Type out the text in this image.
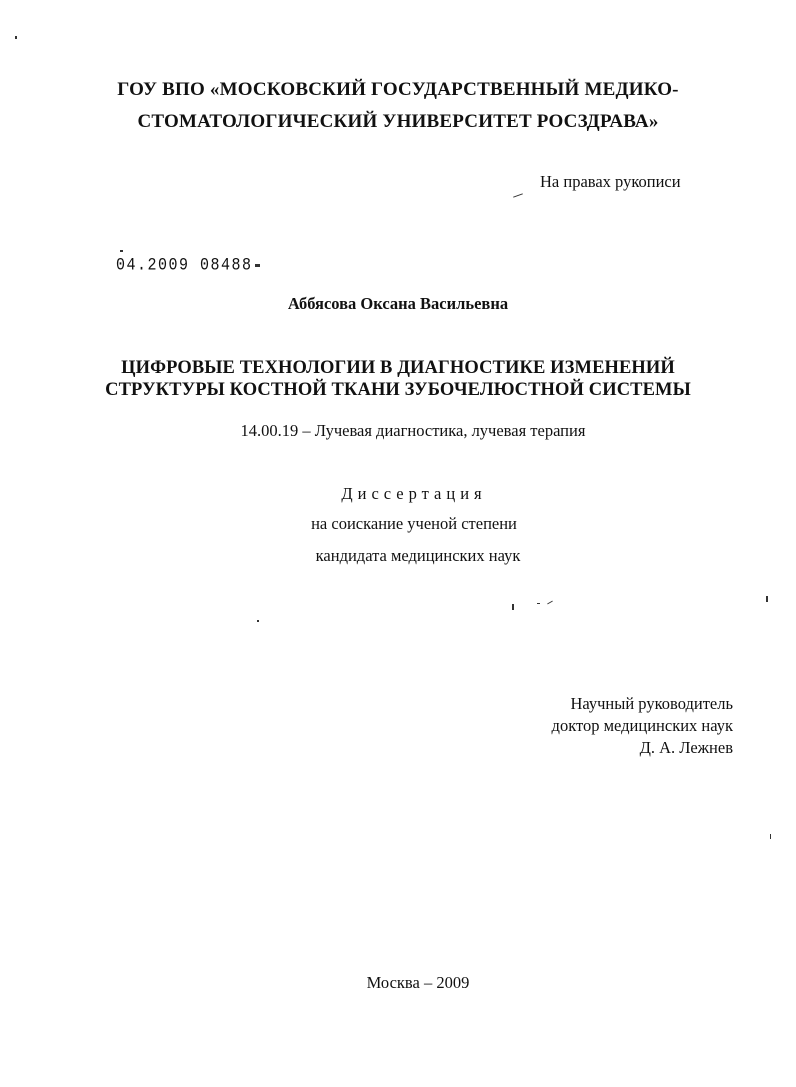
ГОУ ВПО «МОСКОВСКИЙ ГОСУДАРСТВЕННЫЙ МЕДИКО-
СТОМАТОЛОГИЧЕСКИЙ УНИВЕРСИТЕТ РОСЗДРАВА»
На правах рукописи
04.2009 08488
Аббясова Оксана Васильевна
ЦИФРОВЫЕ ТЕХНОЛОГИИ В ДИАГНОСТИКЕ ИЗМЕНЕНИЙ
СТРУКТУРЫ КОСТНОЙ ТКАНИ ЗУБОЧЕЛЮСТНОЙ СИСТЕМЫ
14.00.19 – Лучевая диагностика, лучевая терапия
Диссертация
на соискание ученой степени
кандидата медицинских наук
Научный руководитель
доктор медицинских наук
Д. А. Лежнев
Москва – 2009
